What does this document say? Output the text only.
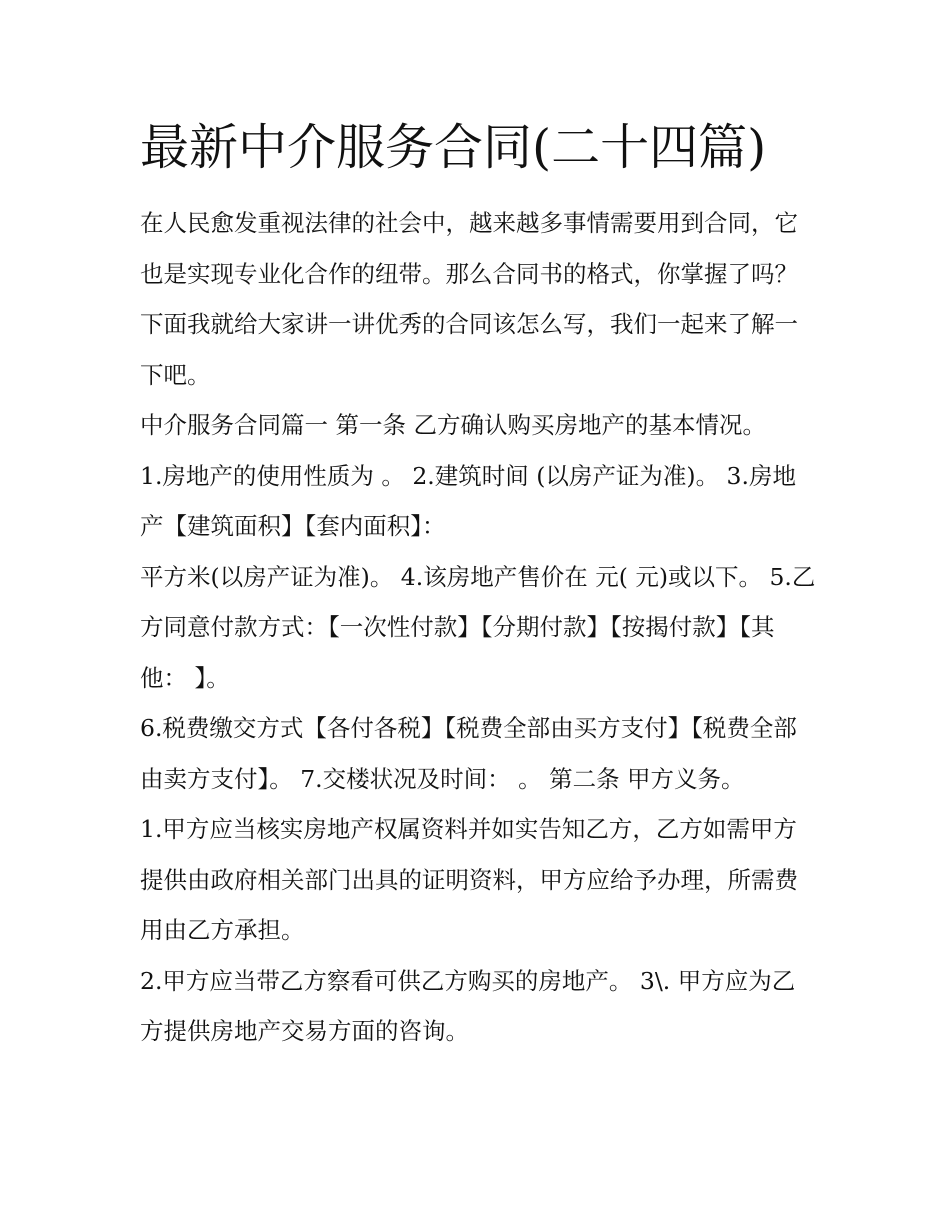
最新中介服务合同(二十四篇)

在人民愈发重视法律的社会中，越来越多事情需要用到合同，它也是实现专业化合作的纽带。那么合同书的格式，你掌握了吗？下面我就给大家讲一讲优秀的合同该怎么写，我们一起来了解一下吧。

中介服务合同篇一 第一条 乙方确认购买房地产的基本情况。

1.房地产的使用性质为 。 2.建筑时间 (以房产证为准)。 3.房地产【建筑面积】【套内面积】：

平方米(以房产证为准)。 4.该房地产售价在 元( 元)或以下。 5.乙方同意付款方式：【一次性付款】【分期付款】【按揭付款】【其他： 】。

6.税费缴交方式【各付各税】【税费全部由买方支付】【税费全部由卖方支付】。 7.交楼状况及时间： 。 第二条 甲方义务。

1.甲方应当核实房地产权属资料并如实告知乙方，乙方如需甲方提供由政府相关部门出具的证明资料，甲方应给予办理，所需费用由乙方承担。

2.甲方应当带乙方察看可供乙方购买的房地产。 3\. 甲方应为乙方提供房地产交易方面的咨询。
